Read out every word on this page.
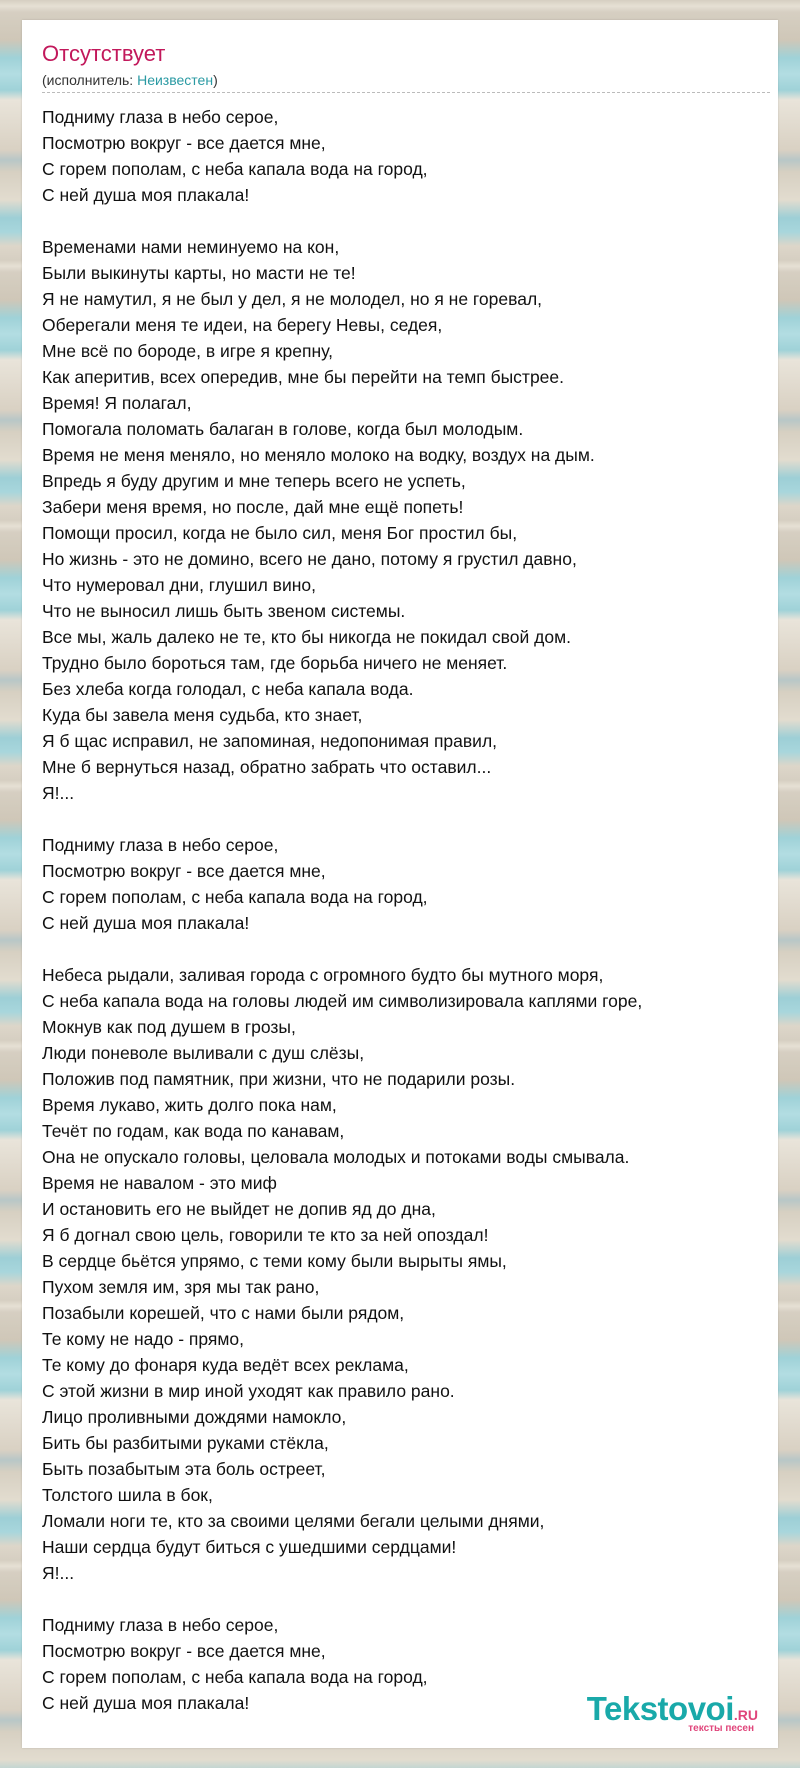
Отсутствует
(исполнитель: Неизвестен)
Подниму глаза в небо серое,
Посмотрю вокруг - все дается мне,
С горем пополам, с неба капала вода на город,
С ней душа моя плакала!

Временами нами неминуемо на кон,
Были выкинуты карты, но масти не те!
Я не намутил, я не был у дел, я не молодел, но я не горевал,
Оберегали меня те идеи, на берегу Невы, седея,
Мне всё по бороде, в игре я крепну,
Как аперитив, всех опередив, мне бы перейти на темп быстрее.
Время! Я полагал,
Помогала поломать балаган в голове, когда был молодым.
Время не меня меняло, но меняло молоко на водку, воздух на дым.
Впредь я буду другим и мне теперь всего не успеть,
Забери меня время, но после, дай мне ещё попеть!
Помощи просил, когда не было сил, меня Бог простил бы,
Но жизнь - это не домино, всего не дано, потому я грустил давно,
Что нумеровал дни, глушил вино,
Что не выносил лишь быть звеном системы.
Все мы, жаль далеко не те, кто бы никогда не покидал свой дом.
Трудно было бороться там, где борьба ничего не меняет.
Без хлеба когда голодал, с неба капала вода.
Куда бы завела меня судьба, кто знает,
Я б щас исправил, не запоминая, недопонимая правил,
Мне б вернуться назад, обратно забрать что оставил...
Я!...

Подниму глаза в небо серое,
Посмотрю вокруг - все дается мне,
С горем пополам, с неба капала вода на город,
С ней душа моя плакала!

Небеса рыдали, заливая города с огромного будто бы мутного моря,
С неба капала вода на головы людей им символизировала каплями горе,
Мокнув как под душем в грозы,
Люди поневоле выливали с душ слёзы,
Положив под памятник, при жизни, что не подарили розы.
Время лукаво, жить долго пока нам,
Течёт по годам, как вода по канавам,
Она не опускало головы, целовала молодых и потоками воды смывала.
Время не навалом - это миф
И остановить его не выйдет не допив яд до дна,
Я б догнал свою цель, говорили те кто за ней опоздал!
В сердце бьётся упрямо, с теми кому были вырыты ямы,
Пухом земля им, зря мы так рано,
Позабыли корешей, что с нами были рядом,
Те кому не надо - прямо,
Те кому до фонаря куда ведёт всех реклама,
С этой жизни в мир иной уходят как правило рано.
Лицо проливными дождями намокло,
Бить бы разбитыми руками стёкла,
Быть позабытым эта боль остреет,
Толстого шила в бок,
Ломали ноги те, кто за своими целями бегали целыми днями,
Наши сердца будут биться с ушедшими сердцами!
Я!...

Подниму глаза в небо серое,
Посмотрю вокруг - все дается мне,
С горем пополам, с неба капала вода на город,
С ней душа моя плакала!	Tekstovoi.RU
тексты песен
